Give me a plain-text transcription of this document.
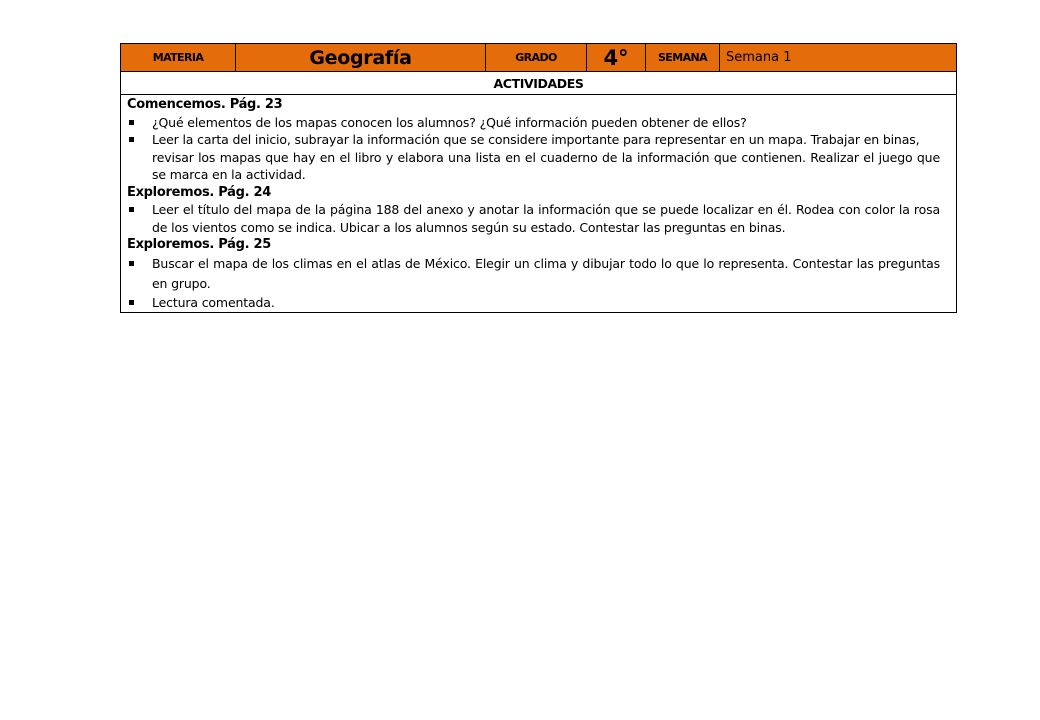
MATERIA	Geografía	GRADO	4°	SEMANA	Semana 1
ACTIVIDADES

Comencemos. Pág. 23
¿Qué elementos de los mapas conocen los alumnos? ¿Qué información pueden obtener de ellos?
Leer la carta del inicio, subrayar la información que se considere importante para representar en un mapa. Trabajar en binas,
revisar los mapas que hay en el libro y elabora una lista en el cuaderno de la información que contienen. Realizar el juego que se marca en la actividad.
Exploremos. Pág. 24
Leer el título del mapa de la página 188 del anexo y anotar la información que se puede localizar en él. Rodea con color la rosa de los vientos como se indica. Ubicar a los alumnos según su estado. Contestar las preguntas en binas.
Exploremos. Pág. 25
Buscar el mapa de los climas en el atlas de México. Elegir un clima y dibujar todo lo que lo representa. Contestar las preguntas en grupo.
Lectura comentada.
